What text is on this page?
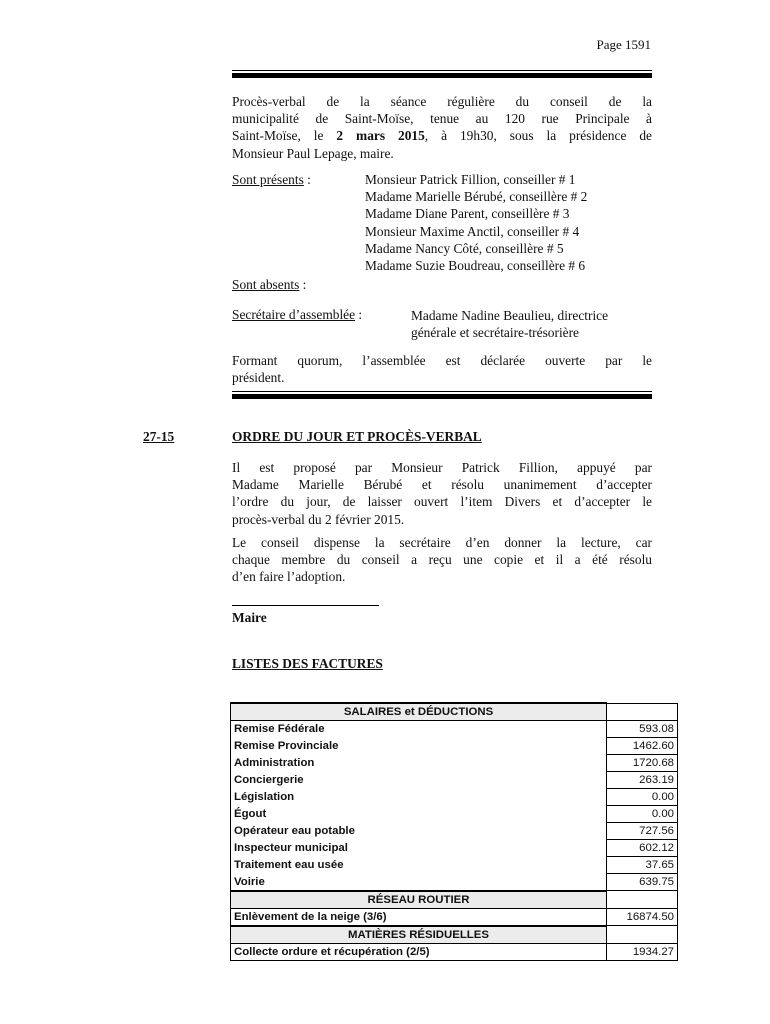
Page 1591
Procès-verbal de la séance régulière du conseil de la
municipalité de Saint-Moïse, tenue au 120 rue Principale à
Saint-Moïse, le 2 mars 2015, à 19h30, sous la présidence de
Monsieur Paul Lepage, maire.
Sont présents :	Monsieur Patrick Fillion, conseiller # 1
Madame Marielle Bérubé, conseillère # 2
Madame Diane Parent, conseillère # 3
Monsieur Maxime Anctil, conseiller # 4
Madame Nancy Côté, conseillère # 5
Madame Suzie Boudreau, conseillère # 6
Sont absents :
Secrétaire d’assemblée :	Madame Nadine Beaulieu, directrice
générale et secrétaire-trésorière
Formant quorum, l’assemblée est déclarée ouverte par le
président.
27-15	ORDRE DU JOUR ET PROCÈS-VERBAL
Il est proposé par Monsieur Patrick Fillion, appuyé par
Madame Marielle Bérubé et résolu unanimement d’accepter
l’ordre du jour, de laisser ouvert l’item Divers et d’accepter le
procès-verbal du 2 février 2015.
Le conseil dispense la secrétaire d’en donner la lecture, car
chaque membre du conseil a reçu une copie et il a été résolu
d’en faire l’adoption.
Maire
LISTES DES FACTURES
SALAIRES et DÉDUCTIONS	
Remise Fédérale	593.08
Remise Provinciale	1462.60
Administration	1720.68
Conciergerie	263.19
Législation	0.00
Égout	0.00
Opérateur eau potable	727.56
Inspecteur municipal	602.12
Traitement eau usée	37.65
Voirie	639.75
RÉSEAU ROUTIER	
Enlèvement de la neige (3/6)	16874.50
MATIÈRES RÉSIDUELLES	
Collecte ordure et récupération (2/5)	1934.27
